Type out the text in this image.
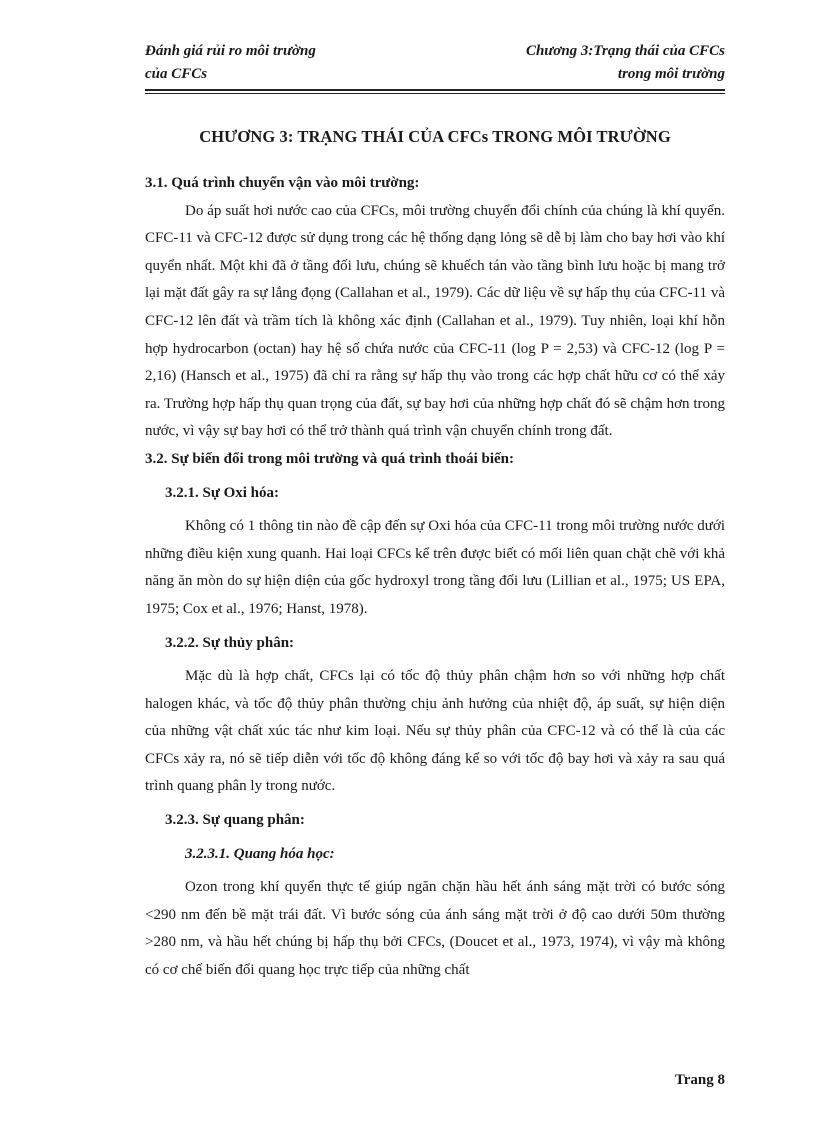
Đánh giá rủi ro môi trường
của CFCs
Chương 3:Trạng thái của CFCs
trong môi trường
CHƯƠNG 3: TRẠNG THÁI CỦA CFCs TRONG MÔI TRƯỜNG

3.1. Quá trình chuyển vận vào môi trường:

Do áp suất hơi nước cao của CFCs, môi trường chuyển đổi chính của chúng là khí quyển. CFC-11 và CFC-12 được sử dụng trong các hệ thống dạng lỏng sẽ dễ bị làm cho bay hơi vào khí quyển nhất. Một khi đã ở tầng đối lưu, chúng sẽ khuếch tán vào tầng bình lưu hoặc bị mang trở lại mặt đất gây ra sự lắng đọng (Callahan et al., 1979). Các dữ liệu về sự hấp thụ của CFC-11 và CFC-12 lên đất và trầm tích là không xác định (Callahan et al., 1979). Tuy nhiên, loại khí hỗn hợp hydrocarbon (octan) hay hệ số chứa nước của CFC-11 (log P = 2,53) và CFC-12 (log P = 2,16) (Hansch et al., 1975) đã chỉ ra rằng sự hấp thụ vào trong các hợp chất hữu cơ có thể xảy ra. Trường hợp hấp thụ quan trọng của đất, sự bay hơi của những hợp chất đó sẽ chậm hơn trong nước, vì vậy sự bay hơi có thể trở thành quá trình vận chuyển chính trong đất.

3.2. Sự biến đổi trong môi trường và quá trình thoái biến:

3.2.1. Sự Oxi hóa:

Không có 1 thông tin nào đề cập đến sự Oxi hóa của CFC-11 trong môi trường nước dưới những điều kiện xung quanh. Hai loại CFCs kể trên được biết có mối liên quan chặt chẽ với khả năng ăn mòn do sự hiện diện của gốc hydroxyl trong tầng đối lưu (Lillian et al., 1975; US EPA, 1975; Cox et al., 1976; Hanst, 1978).

3.2.2. Sự thủy phân:

Mặc dù là hợp chất, CFCs lại có tốc độ thủy phân chậm hơn so với những hợp chất halogen khác, và tốc độ thủy phân thường chịu ảnh hưởng của nhiệt độ, áp suất, sự hiện diện của những vật chất xúc tác như kim loại. Nếu sự thủy phân của CFC-12 và có thể là của các CFCs xảy ra, nó sẽ tiếp diễn với tốc độ không đáng kể so với tốc độ bay hơi và xảy ra sau quá trình quang phân ly trong nước.

3.2.3. Sự quang phân:

3.2.3.1. Quang hóa học:

Ozon trong khí quyển thực tế giúp ngăn chặn hầu hết ánh sáng mặt trời có bước sóng <290 nm đến bề mặt trái đất. Vì bước sóng của ánh sáng mặt trời ở độ cao dưới 50m thường >280 nm, và hầu hết chúng bị hấp thụ bởi CFCs, (Doucet et al., 1973, 1974), vì vậy mà không có cơ chế biến đổi quang học trực tiếp của những chất

Trang 8
